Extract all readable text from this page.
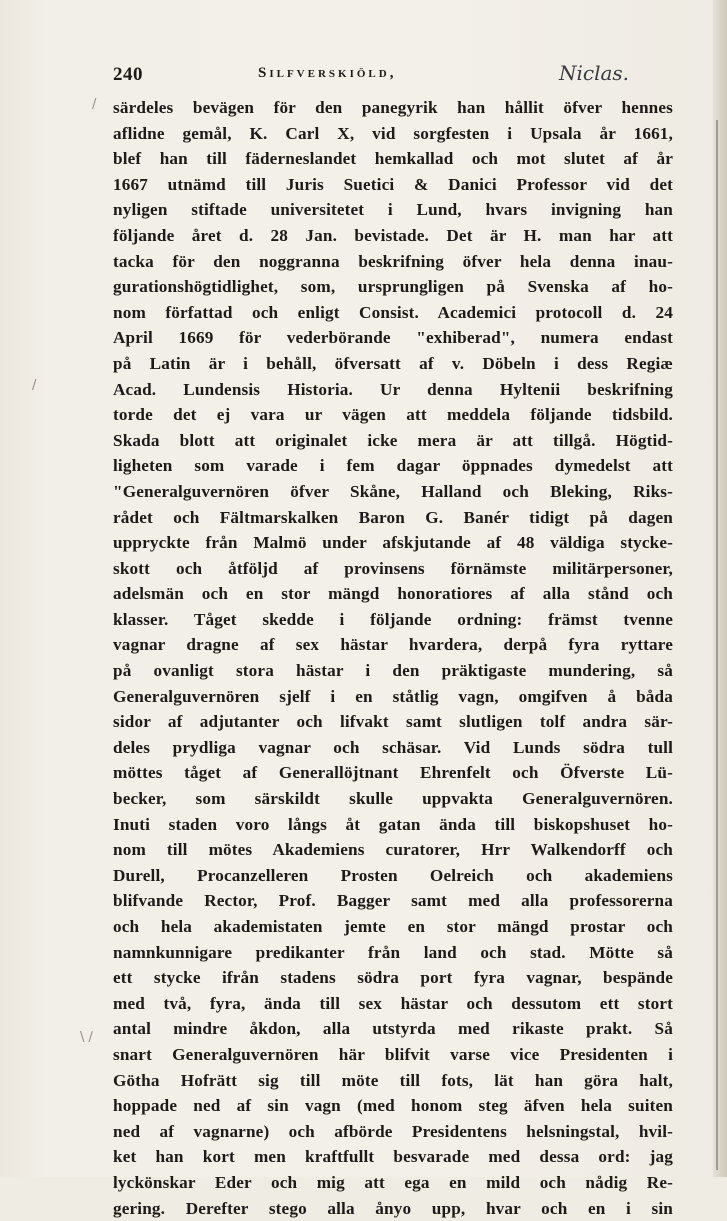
/
/
\ /
240	Silfverskiöld,	Niclas.
särdeles bevägen för den panegyrik han hållit öfver hennes
aflidne gemål, K. Carl X, vid sorgfesten i Upsala år 1661,
blef han till fäderneslandet hemkallad och mot slutet af år
1667 utnämd till Juris Suetici & Danici Professor vid det
nyligen stiftade universitetet i Lund, hvars invigning han
följande året d. 28 Jan. bevistade. Det är H. man har att
tacka för den noggranna beskrifning öfver hela denna inau-
gurationshögtidlighet, som, ursprungligen på Svenska af ho-
nom författad och enligt Consist. Academici protocoll d. 24
April 1669 för vederbörande "exhiberad", numera endast
på Latin är i behåll, öfversatt af v. Döbeln i dess Regiæ
Acad. Lundensis Historia. Ur denna Hyltenii beskrifning
torde det ej vara ur vägen att meddela följande tidsbild.
Skada blott att originalet icke mera är att tillgå. Högtid-
ligheten som varade i fem dagar öppnades dymedelst att
"Generalguvernören öfver Skåne, Halland och Bleking, Riks-
rådet och Fältmarskalken Baron G. Banér tidigt på dagen
uppryckte från Malmö under afskjutande af 48 väldiga stycke-
skott och åtföljd af provinsens förnämste militärpersoner,
adelsmän och en stor mängd honoratiores af alla stånd och
klasser. Tåget skedde i följande ordning: främst tvenne
vagnar dragne af sex hästar hvardera, derpå fyra ryttare
på ovanligt stora hästar i den präktigaste mundering, så
Generalguvernören sjelf i en ståtlig vagn, omgifven å båda
sidor af adjutanter och lifvakt samt slutligen tolf andra sär-
deles prydliga vagnar och schäsar. Vid Lunds södra tull
möttes tåget af Generallöjtnant Ehrenfelt och Öfverste Lü-
becker, som särskildt skulle uppvakta Generalguvernören.
Inuti staden voro långs åt gatan ända till biskopshuset ho-
nom till mötes Akademiens curatorer, Hrr Walkendorff och
Durell, Procanzelleren Prosten Oelreich och akademiens
blifvande Rector, Prof. Bagger samt med alla professorerna
och hela akademistaten jemte en stor mängd prostar och
namnkunnigare predikanter från land och stad. Mötte så
ett stycke ifrån stadens södra port fyra vagnar, bespände
med två, fyra, ända till sex hästar och dessutom ett stort
antal mindre åkdon, alla utstyrda med rikaste prakt. Så
snart Generalguvernören här blifvit varse vice Presidenten i
Götha Hofrätt sig till möte till fots, lät han göra halt,
hoppade ned af sin vagn (med honom steg äfven hela suiten
ned af vagnarne) och afbörde Presidentens helsningstal, hvil-
ket han kort men kraftfullt besvarade med dessa ord: jag
lyckönskar Eder och mig att ega en mild och nådig Re-
gering. Derefter stego alla ånyo upp, hvar och en i sin
